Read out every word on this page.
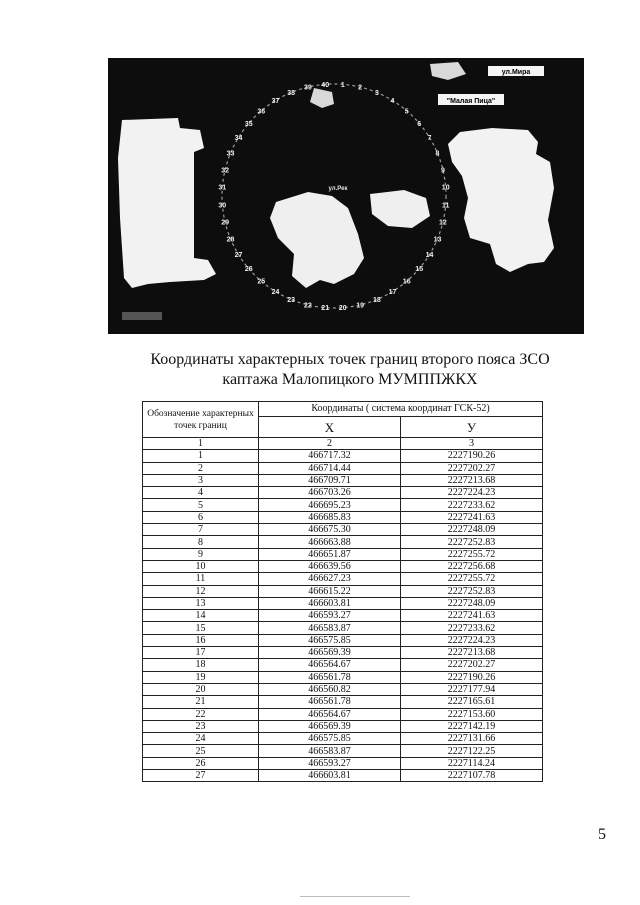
1 2
3
4
5
6
7
8
9
10
11
12
13
14
15
16
17
18
19
20
21
22
23
24
25
26
27
28
29
30
31
32
33
34
35
36
37
38
39 40
"Малая Пица"
ул.Мира
ул.Рек
Координаты характерных точек границ второго пояса ЗСО
каптажа Малопицкого МУМППЖКХ
Обозначение характерных точек границ	Координаты ( система координат ГСК-52)	
	Х	У
1	2	3
1	466717.32	2227190.26
2	466714.44	2227202.27
3	466709.71	2227213.68
4	466703.26	2227224.23
5	466695.23	2227233.62
6	466685.83	2227241.63
7	466675.30	2227248.09
8	466663.88	2227252.83
9	466651.87	2227255.72
10	466639.56	2227256.68
11	466627.23	2227255.72
12	466615.22	2227252.83
13	466603.81	2227248.09
14	466593.27	2227241.63
15	466583.87	2227233.62
16	466575.85	2227224.23
17	466569.39	2227213.68
18	466564.67	2227202.27
19	466561.78	2227190.26
20	466560.82	2227177.94
21	466561.78	2227165.61
22	466564.67	2227153.60
23	466569.39	2227142.19
24	466575.85	2227131.66
25	466583.87	2227122.25
26	466593.27	2227114.24
27	466603.81	2227107.78
5
